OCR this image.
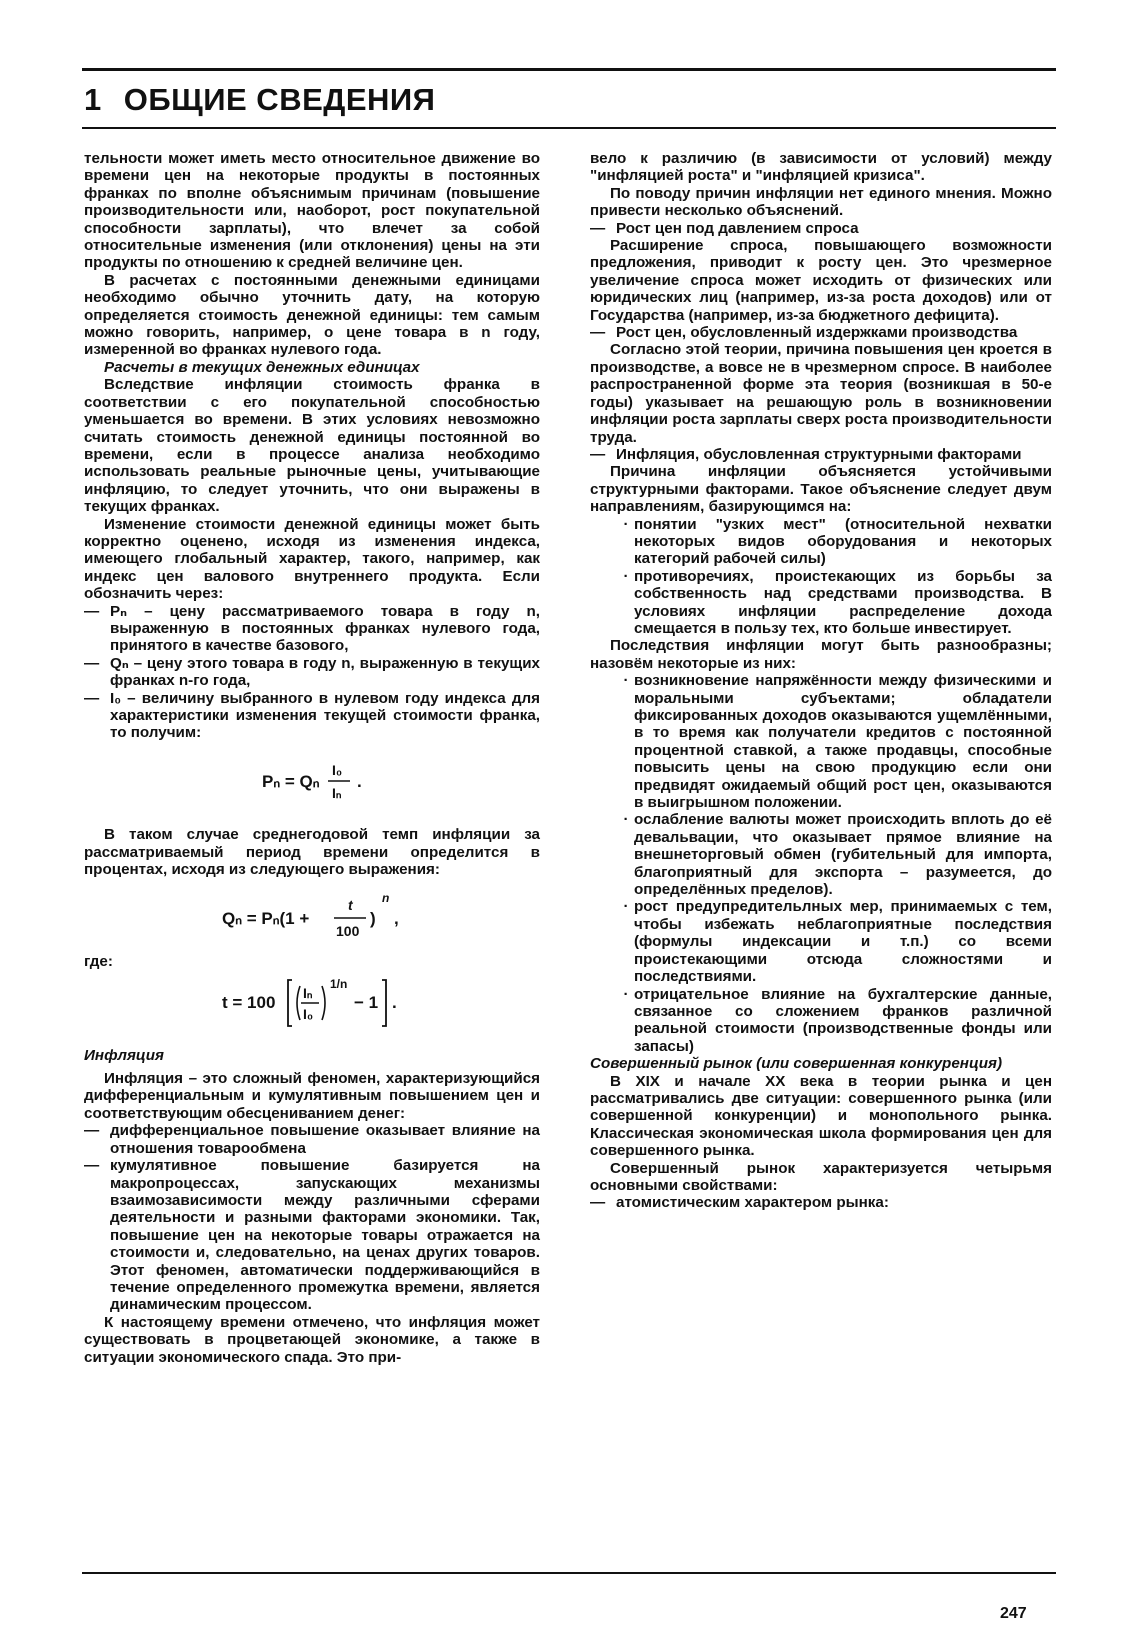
1 ОБЩИЕ СВЕДЕНИЯ

тельности может иметь место относительное движение во времени цен на некоторые продукты в постоянных франках по вполне объяснимым причинам (повышение производительности или, наоборот, рост покупательной способности зарплаты), что влечет за собой относительные изменения (или отклонения) цены на эти продукты по отношению к средней величине цен.

В расчетах с постоянными денежными единицами необходимо обычно уточнить дату, на которую определяется стоимость денежной единицы: тем самым можно говорить, например, о цене товара в n году, измеренной во франках нулевого года.

Расчеты в текущих денежных единицах

Вследствие инфляции стоимость франка в соответствии с его покупательной способностью уменьшается во времени. В этих условиях невозможно считать стоимость денежной единицы постоянной во времени, если в процессе анализа необходимо использовать реальные рыночные цены, учитывающие инфляцию, то следует уточнить, что они выражены в текущих франках.

Изменение стоимости денежной единицы может быть корректно оценено, исходя из изменения индекса, имеющего глобальный характер, такого, например, как индекс цен валового внутреннего продукта. Если обозначить через:

— Pₙ – цену рассматриваемого товара в году n, выраженную в постоянных франках нулевого года, принятого в качестве базового,

— Qₙ – цену этого товара в году n, выраженную в текущих франках n-го года,

— I₀ – величину выбранного в нулевом году индекса для характеристики изменения текущей стоимости франка, то получим:

Pₙ = Qₙ
I₀
Iₙ
.

В таком случае среднегодовой темп инфляции за рассматриваемый период времени определится в процентах, исходя из следующего выражения:

Qₙ = Pₙ(1 +
t
100
)
n
,

где:

t = 100 Iₙ
I₀
1/n
− 1 .

Инфляция

Инфляция – это сложный феномен, характеризующийся дифференциальным и кумулятивным повышением цен и соответствующим обесцениванием денег:

— дифференциальное повышение оказывает влияние на отношения товарообмена

— кумулятивное повышение базируется на макропроцессах, запускающих механизмы взаимозависимости между различными сферами деятельности и разными факторами экономики. Так, повышение цен на некоторые товары отражается на стоимости и, следовательно, на ценах других товаров. Этот феномен, автоматически поддерживающийся в течение определенного промежутка времени, является динамическим процессом.

К настоящему времени отмечено, что инфляция может существовать в процветающей экономике, а также в ситуации экономического спада. Это при-

вело к различию (в зависимости от условий) между "инфляцией роста" и "инфляцией кризиса".

По поводу причин инфляции нет единого мнения. Можно привести несколько объяснений.

— Рост цен под давлением спроса

Расширение спроса, повышающего возможности предложения, приводит к росту цен. Это чрезмерное увеличение спроса может исходить от физических или юридических лиц (например, из-за роста доходов) или от Государства (например, из-за бюджетного дефицита).

— Рост цен, обусловленный издержками производства

Согласно этой теории, причина повышения цен кроется в производстве, а вовсе не в чрезмерном спросе. В наиболее распространенной форме эта теория (возникшая в 50-е годы) указывает на решающую роль в возникновении инфляции роста зарплаты сверх роста производительности труда.

— Инфляция, обусловленная структурными факторами

Причина инфляции объясняется устойчивыми структурными факторами. Такое объяснение следует двум направлениям, базирующимся на:

· понятии "узких мест" (относительной нехватки некоторых видов оборудования и некоторых категорий рабочей силы)

· противоречиях, проистекающих из борьбы за собственность над средствами производства. В условиях инфляции распределение дохода смещается в пользу тех, кто больше инвестирует.

Последствия инфляции могут быть разнообразны; назовём некоторые из них:

· возникновение напряжённости между физическими и моральными субъектами; обладатели фиксированных доходов оказываются ущемлёнными, в то время как получатели кредитов с постоянной процентной ставкой, а также продавцы, способные повысить цены на свою продукцию если они предвидят ожидаемый общий рост цен, оказываются в выигрышном положении.

· ослабление валюты может происходить вплоть до её девальвации, что оказывает прямое влияние на внешнеторговый обмен (губительный для импорта, благоприятный для экспорта – разумеется, до определённых пределов).

· рост предупредительлных мер, принимаемых с тем, чтобы избежать неблагоприятные последствия (формулы индексации и т.п.) со всеми проистекающими отсюда сложностями и последствиями.

· отрицательное влияние на бухгалтерские данные, связанное со сложением франков различной реальной стоимости (производственные фонды или запасы)

Совершенный рынок (или совершенная конкуренция)

В XIX и начале XX века в теории рынка и цен рассматривались две ситуации: совершенного рынка (или совершенной конкуренции) и монопольного рынка. Классическая экономическая школа формирования цен для совершенного рынка.

Совершенный рынок характеризуется четырьмя основными свойствами:

— атомистическим характером рынка:

247
